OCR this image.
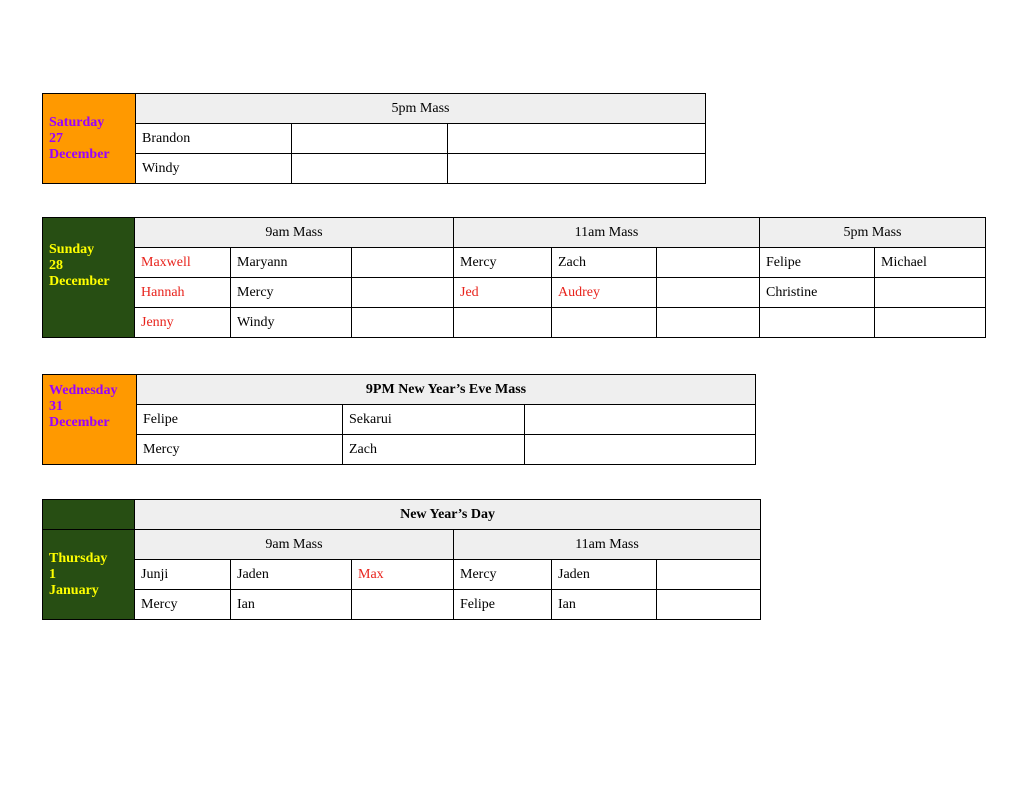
Saturday
27
December	5pm Mass		
	Brandon		
	Windy		
Sunday
28
December	9am Mass			11am Mass			5pm Mass	
	Maxwell	Maryann		Mercy	Zach		Felipe	Michael
	Hannah	Mercy		Jed	Audrey		Christine	
	Jenny	Windy						
Wednesday
31
December	9PM New Year’s Eve Mass		
	Felipe	Sekarui	
	Mercy	Zach	
	New Year’s Day					
Thursday
1
January	9am Mass			11am Mass		
	Junji	Jaden	Max	Mercy	Jaden	
	Mercy	Ian		Felipe	Ian	
